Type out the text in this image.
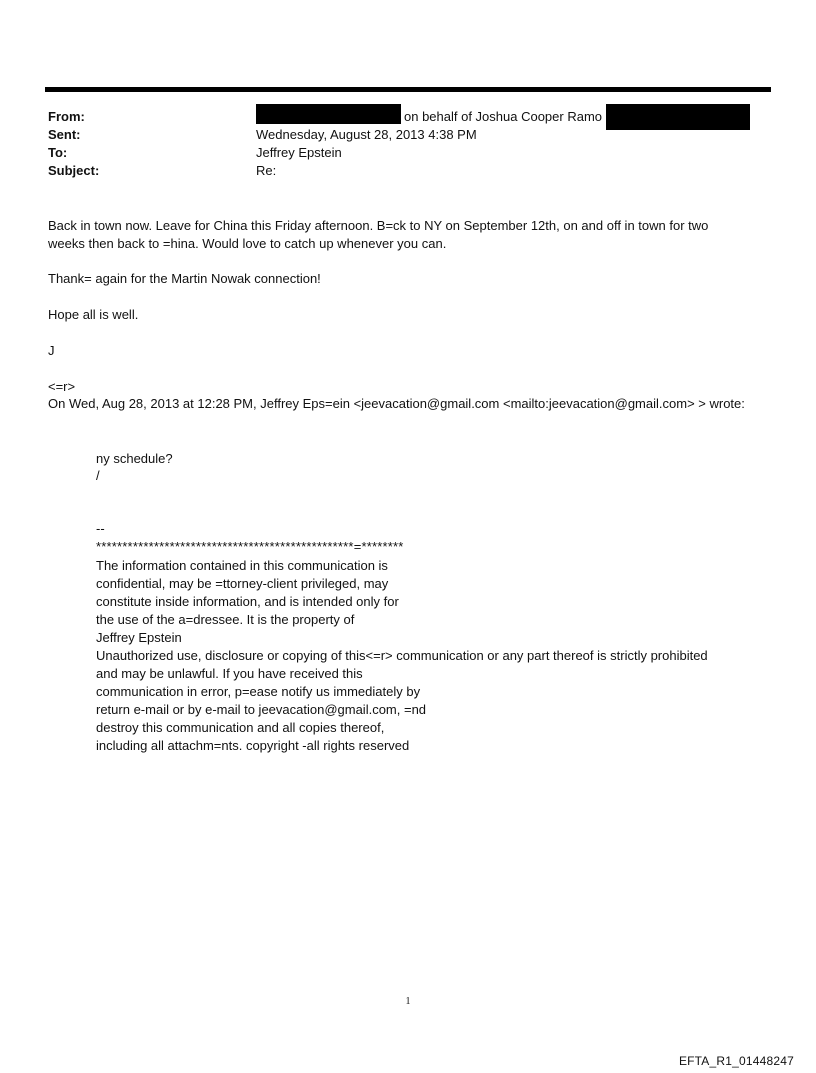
From:	on behalf of Joshua Cooper Ramo
Sent:	Wednesday, August 28, 2013 4:38 PM
To:	Jeffrey Epstein
Subject:	Re:
Back in town now. Leave for China this Friday afternoon. B=ck to NY on September 12th, on and off in town for two
weeks then back to =hina. Would love to catch up whenever you can.
Thank= again for the Martin Nowak connection!
Hope all is well.
J
<=r>
On Wed, Aug 28, 2013 at 12:28 PM, Jeffrey Eps=ein <jeevacation@gmail.com <mailto:jeevacation@gmail.com> > wrote:
ny schedule?
/
--
*************************************************=********
The information contained in this communication is
confidential, may be =ttorney-client privileged, may
constitute inside information, and is intended only for
the use of the a=dressee. It is the property of
Jeffrey Epstein
Unauthorized use, disclosure or copying of this<=r> communication or any part thereof is strictly prohibited
and may be unlawful. If you have received this
communication in error, p=ease notify us immediately by
return e-mail or by e-mail to jeevacation@gmail.com, =nd
destroy this communication and all copies thereof,
including all attachm=nts. copyright -all rights reserved
1
EFTA_R1_01448247
